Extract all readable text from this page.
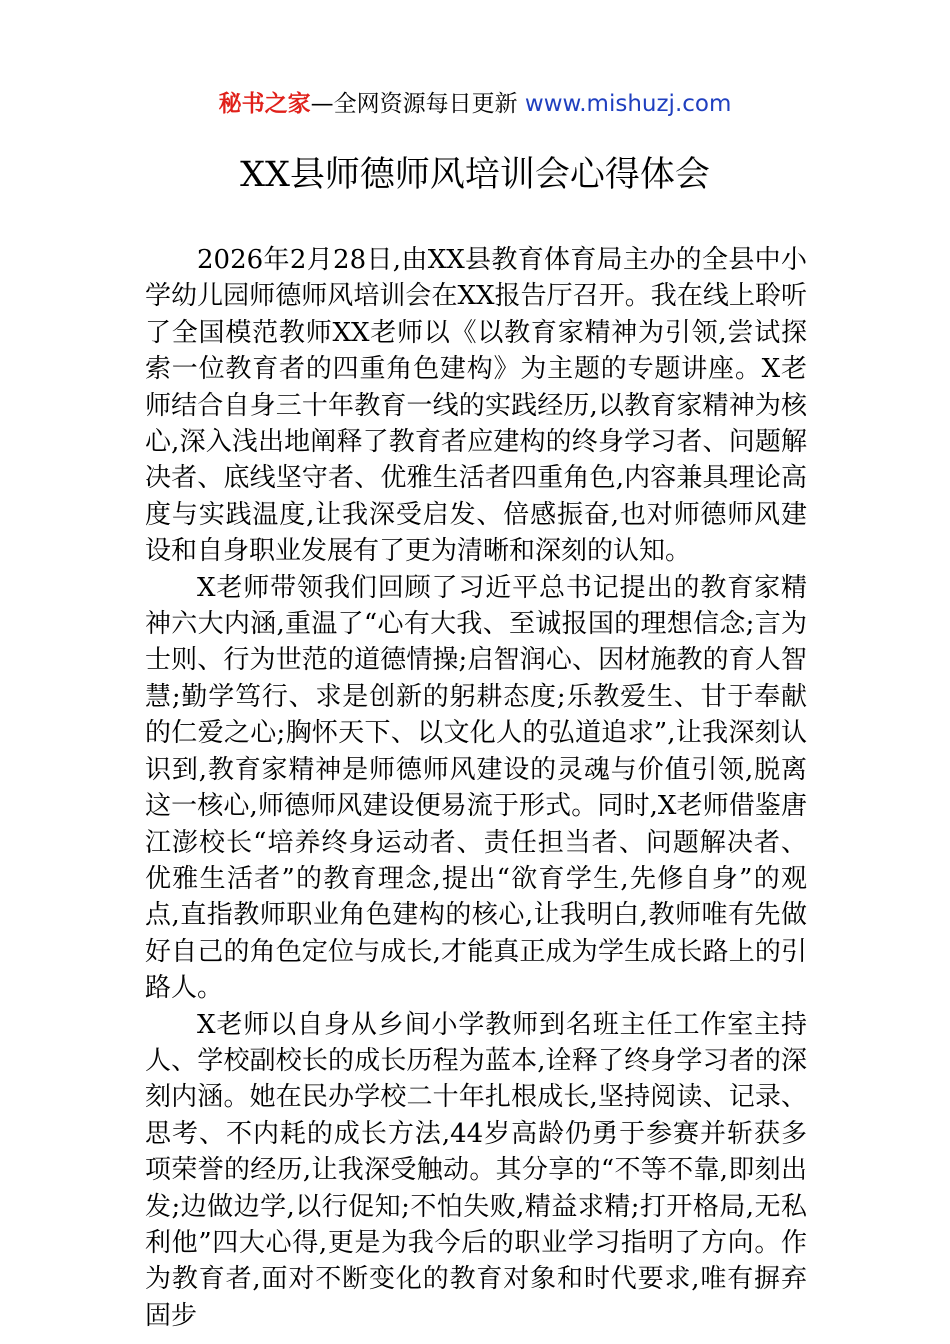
秘书之家—全网资源每日更新 www.mishuzj.com
XX县师德师风培训会心得体会

2026年2月28日,由XX县教育体育局主办的全县中小学幼儿园师德师风培训会在XX报告厅召开。我在线上聆听了全国模范教师XX老师以《以教育家精神为引领,尝试探索一位教育者的四重角色建构》为主题的专题讲座。X老师结合自身三十年教育一线的实践经历,以教育家精神为核心,深入浅出地阐释了教育者应建构的终身学习者、问题解决者、底线坚守者、优雅生活者四重角色,内容兼具理论高度与实践温度,让我深受启发、倍感振奋,也对师德师风建设和自身职业发展有了更为清晰和深刻的认知。

X老师带领我们回顾了习近平总书记提出的教育家精神六大内涵,重温了“心有大我、至诚报国的理想信念;言为士则、行为世范的道德情操;启智润心、因材施教的育人智慧;勤学笃行、求是创新的躬耕态度;乐教爱生、甘于奉献的仁爱之心;胸怀天下、以文化人的弘道追求”,让我深刻认识到,教育家精神是师德师风建设的灵魂与价值引领,脱离这一核心,师德师风建设便易流于形式。同时,X老师借鉴唐江澎校长“培养终身运动者、责任担当者、问题解决者、优雅生活者”的教育理念,提出“欲育学生,先修自身”的观点,直指教师职业角色建构的核心,让我明白,教师唯有先做好自己的角色定位与成长,才能真正成为学生成长路上的引路人。

X老师以自身从乡间小学教师到名班主任工作室主持人、学校副校长的成长历程为蓝本,诠释了终身学习者的深刻内涵。她在民办学校二十年扎根成长,坚持阅读、记录、思考、不内耗的成长方法,44岁高龄仍勇于参赛并斩获多项荣誉的经历,让我深受触动。其分享的“不等不靠,即刻出发;边做边学,以行促知;不怕失败,精益求精;打开格局,无私利他”四大心得,更是为我今后的职业学习指明了方向。作为教育者,面对不断变化的教育对象和时代要求,唯有摒弃固步
